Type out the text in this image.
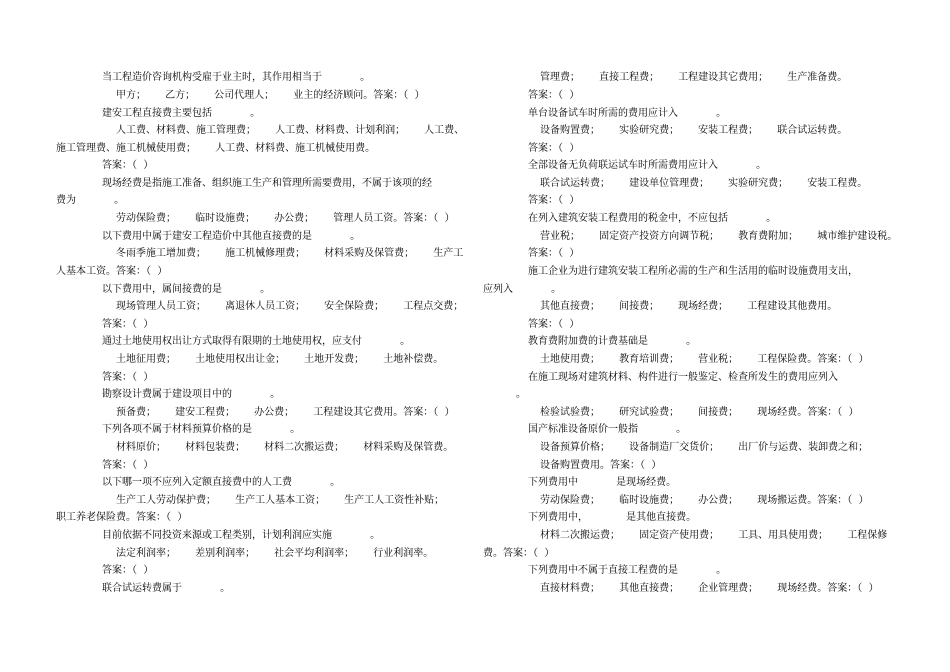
当工程造价咨询机构受雇于业主时，其作用相当于            。
甲方；      乙方；      公司代理人；      业主的经济顾问。答案：（  ）
建安工程直接费主要包括            。
人工费、材料费、施工管理费；      人工费、材料费、计划利润；      人工费、
施工管理费、施工机械使用费；      人工费、材料费、施工机械使用费。
答案：（  ）
现场经费是指施工准备、组织施工生产和管理所需要费用，不属于该项的经
费为            。
劳动保险费；      临时设施费；      办公费；      管理人员工资。答案：（  ）
以下费用中属于建安工程造价中其他直接费的是            。
冬雨季施工增加费；      施工机械修理费；      材料采购及保管费；      生产工
人基本工资。答案：（  ）
以下费用中，属间接费的是            。
现场管理人员工资；      离退休人员工资；      安全保险费；      工程点交费；
答案：（  ）
通过土地使用权出让方式取得有限期的土地使用权，应支付            。
土地征用费；      土地使用权出让金；      土地开发费；      土地补偿费。
答案：（  ）
勘察设计费属于建设项目中的            。
预备费；      建安工程费；      办公费；      工程建设其它费用。答案：（  ）
下列各项不属于材料预算价格的是            。
材料原价；      材料包装费；      材料二次搬运费；      材料采购及保管费。
答案：（  ）
以下哪一项不应列入定额直接费中的人工费            。
生产工人劳动保护费；      生产工人基本工资；      生产工人工资性补贴；
职工养老保险费。答案：（  ）
目前依据不同投资来源或工程类别，计划利润应实施            。
法定利润率；      差别利润率；      社会平均利润率；      行业利润率。
答案：（  ）
联合试运转费属于            。
管理费；      直接工程费；      工程建设其它费用；      生产准备费。
答案：（  ）
单台设备试车时所需的费用应计入            。
设备购置费；      实验研究费；      安装工程费；      联合试运转费。
答案：（  ）
全部设备无负荷联运试车时所需费用应计入            。
联合试运转费；      建设单位管理费；      实验研究费；      安装工程费。
答案：（  ）
在列入建筑安装工程费用的税金中，不应包括            。
营业税；      固定资产投资方向调节税；      教育费附加；      城市维护建设税。
答案：（  ）
施工企业为进行建筑安装工程所必需的生产和生活用的临时设施费用支出，
应列入            。
其他直接费；      间接费；      现场经费；      工程建设其他费用。
答案：（  ）
教育费附加费的计费基础是            。
土地使用费；      教育培训费；      营业税；      工程保险费。答案：（  ）
在施工现场对建筑材料、构件进行一般鉴定、检查所发生的费用应列入
。
检验试验费；      研究试验费；      间接费；      现场经费。答案：（  ）
国产标准设备原价一般指            。
设备预算价格；      设备制造厂交货价；      出厂价与运费、装卸费之和；
设备购置费用。答案：（  ）
下列费用中            是现场经费。
劳动保险费；      临时设施费；      办公费；      现场搬运费。答案：（  ）
下列费用中，            是其他直接费。
材料二次搬运费；      固定资产使用费；      工具、用具使用费；      工程保修
费。答案：（  ）
下列费用中不属于直接工程费的是            。
直接材料费；      其他直接费；      企业管理费；      现场经费。答案：（  ）
